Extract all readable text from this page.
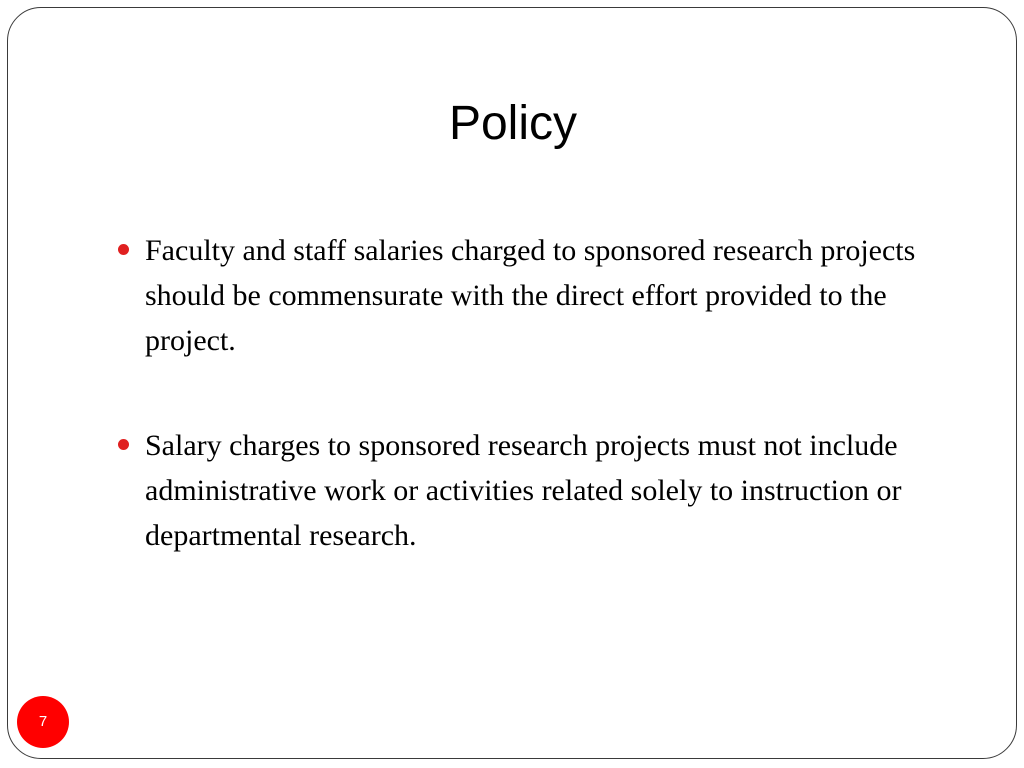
Policy
Faculty and staff salaries charged to sponsored research projects should be commensurate with the direct effort provided to the project.
Salary charges to sponsored research projects must not include administrative work or activities related solely to instruction or departmental research.
7
